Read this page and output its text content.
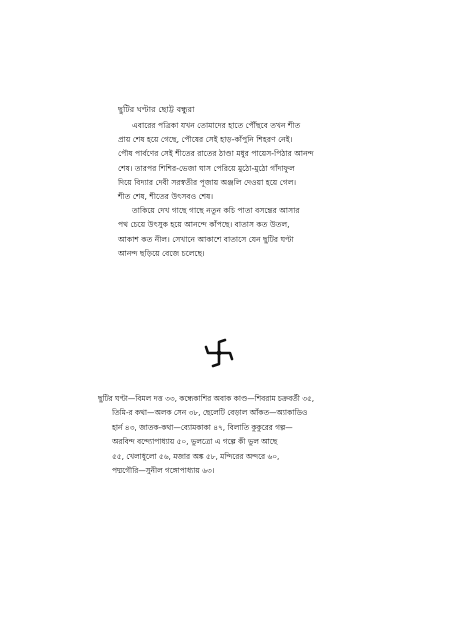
ছুটির ঘণ্টার ছোট্ট বন্ধুরা

এবারের পত্রিকা যখন তোমাদের হাতে পৌঁছবে তখন শীত
প্রায় শেষ হয়ে গেছে, পৌষের সেই হাড়-কাঁপুনি শিহরণ নেই।
পৌষ পার্বণের সেই শীতের রাতের ঠাণ্ডা মধুর পায়েস-পিঠার আনন্দ
শেষ। তারপর শিশির-ভেজা ঘাস পেরিয়ে মুঠো-মুঠো গাঁদাফুল
দিয়ে বিদ্যার দেবী সরস্বতীর পূজায় অঞ্জলি দেওয়া হয়ে গেল।
শীত শেষ, শীতের উৎসবও শেষ।

তাকিয়ে দেখ গাছে গাছে নতুন কচি পাতা বসন্তের আসার
পথ চেয়ে উৎসুক হয়ে আনন্দে কাঁপছে। বাতাস কত উতল,
আকাশ কত নীল। সেখানে আকাশে বাতাসে যেন ছুটির ঘণ্টা
আনন্দ ছড়িয়ে বেজে চলেছে।

ছুটির ঘণ্টা—বিমল দত্ত ৩৩, কন্ধেকাশির অবাক কাণ্ড—শিবরাম চক্রবর্তী ৩৫,
তিমি-র কথা—অলক সেন ৩৮, ছেলেটি বেড়াল আঁকত—অ্যাকাডিও
হার্ন ৪৩, জাতক-কথা—ব্যোমকাকা ৪৭, বিলাতি কুকুরের গল্প—
অরবিন্দ বন্দ্যোপাধ্যায় ৫০, ভুলত্রো এ গল্পে কী ভুল আছে
৫৫, খেলাধুলো ৫৬, মজার অঙ্ক ৫৮, মন্দিরের অন্দরে ৬০,
পদ্মগৌরি—সুনীল গঙ্গোপাধ্যায় ৬৩।
